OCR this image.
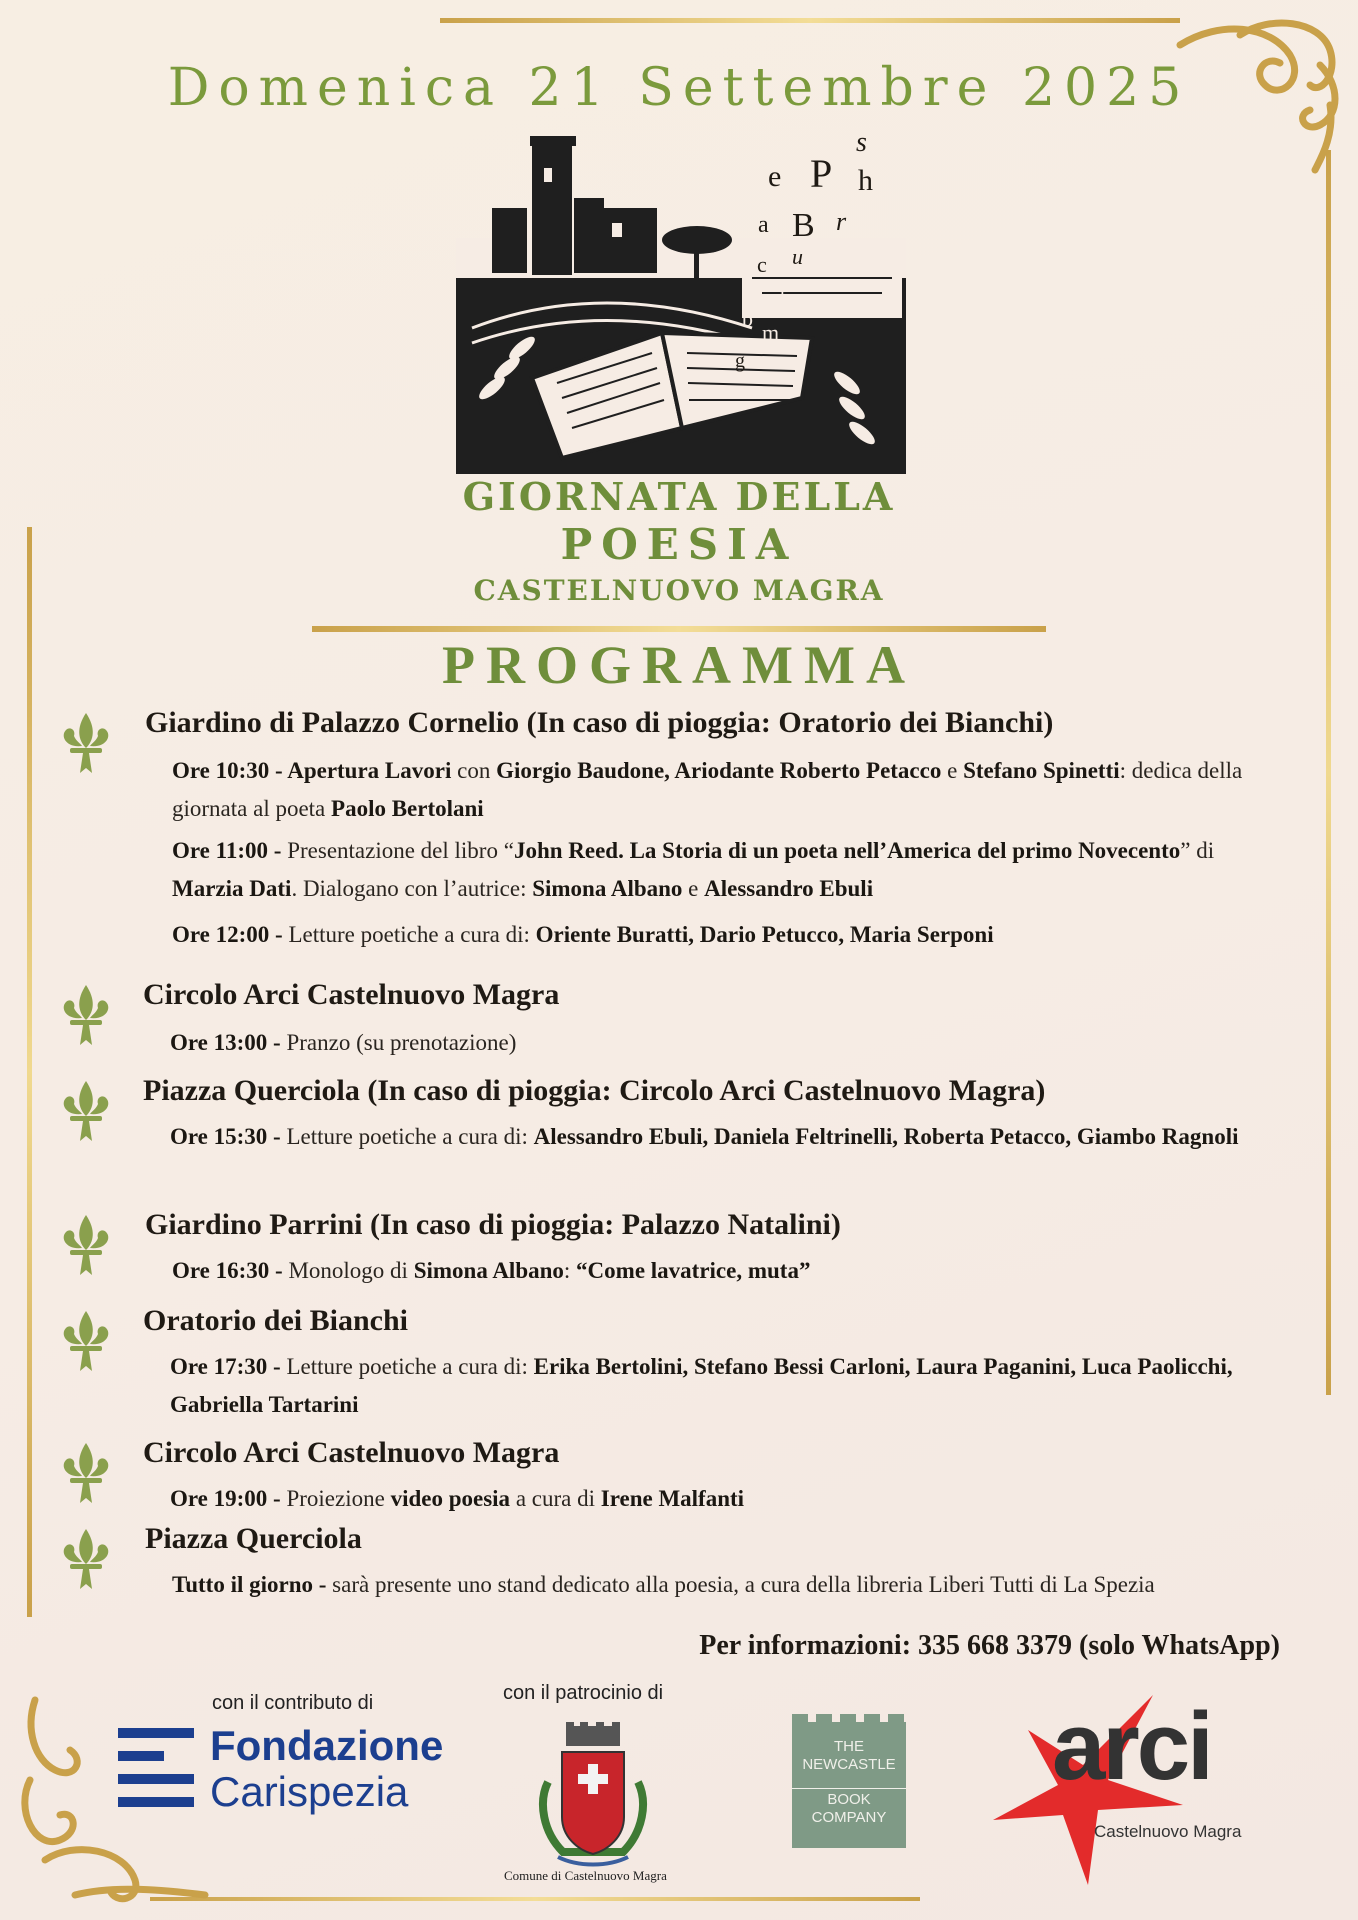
Domenica 21 Settembre 2025
s
e P h
a B r
c u
r
b
m
g
GIORNATA DELLA
POESIA
CASTELNUOVO MAGRA
PROGRAMMA
Giardino di Palazzo Cornelio (In caso di pioggia: Oratorio dei Bianchi)
Ore 10:30 - Apertura Lavori con Giorgio Baudone, Ariodante Roberto Petacco e Stefano Spinetti: dedica della giornata al poeta Paolo Bertolani
Ore 11:00 - Presentazione del libro “John Reed. La Storia di un poeta nell’America del primo Novecento” di Marzia Dati. Dialogano con l’autrice: Simona Albano e Alessandro Ebuli
Ore 12:00 - Letture poetiche a cura di: Oriente Buratti, Dario Petucco, Maria Serponi
Circolo Arci Castelnuovo Magra
Ore 13:00 - Pranzo (su prenotazione)
Piazza Querciola (In caso di pioggia: Circolo Arci Castelnuovo Magra)
Ore 15:30 - Letture poetiche a cura di: Alessandro Ebuli, Daniela Feltrinelli, Roberta Petacco, Giambo Ragnoli
Giardino Parrini (In caso di pioggia: Palazzo Natalini)
Ore 16:30 - Monologo di Simona Albano: “Come lavatrice, muta”
Oratorio dei Bianchi
Ore 17:30 - Letture poetiche a cura di: Erika Bertolini, Stefano Bessi Carloni, Laura Paganini, Luca Paolicchi, Gabriella Tartarini
Circolo Arci Castelnuovo Magra
Ore 19:00 - Proiezione video poesia a cura di Irene Malfanti
Piazza Querciola
Tutto il giorno - sarà presente uno stand dedicato alla poesia, a cura della libreria Liberi Tutti di La Spezia
Per informazioni: 335 668 3379 (solo WhatsApp)
con il contributo di
Fondazione
Carispezia
con il patrocinio di
Comune di Castelnuovo Magra
THE
NEWCASTLE
BOOK
COMPANY
arci
Castelnuovo Magra
